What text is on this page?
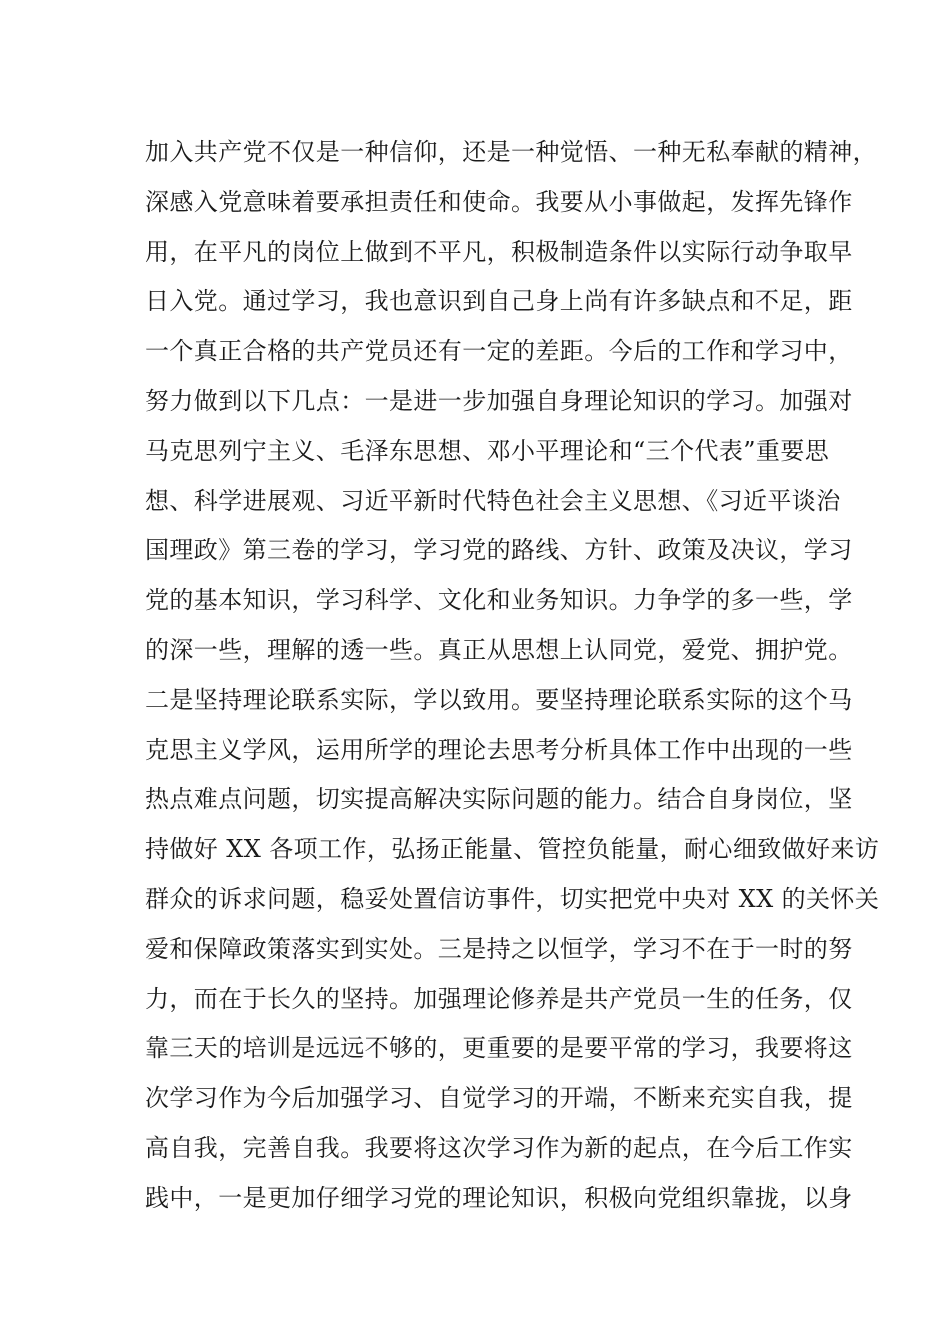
加入共产党不仅是一种信仰，还是一种觉悟、一种无私奉献的精神，
深感入党意味着要承担责任和使命。我要从小事做起，发挥先锋作
用，在平凡的岗位上做到不平凡，积极制造条件以实际行动争取早
日入党。通过学习，我也意识到自己身上尚有许多缺点和不足，距
一个真正合格的共产党员还有一定的差距。今后的工作和学习中，
努力做到以下几点：一是进一步加强自身理论知识的学习。加强对
马克思列宁主义、毛泽东思想、邓小平理论和“三个代表”重要思
想、科学进展观、习近平新时代特色社会主义思想、《习近平谈治
国理政》第三卷的学习，学习党的路线、方针、政策及决议，学习
党的基本知识，学习科学、文化和业务知识。力争学的多一些，学
的深一些，理解的透一些。真正从思想上认同党，爱党、拥护党。
二是坚持理论联系实际，学以致用。要坚持理论联系实际的这个马
克思主义学风，运用所学的理论去思考分析具体工作中出现的一些
热点难点问题，切实提高解决实际问题的能力。结合自身岗位，坚
持做好 XX 各项工作，弘扬正能量、管控负能量，耐心细致做好来访
群众的诉求问题，稳妥处置信访事件，切实把党中央对 XX 的关怀关
爱和保障政策落实到实处。三是持之以恒学，学习不在于一时的努
力，而在于长久的坚持。加强理论修养是共产党员一生的任务，仅
靠三天的培训是远远不够的，更重要的是要平常的学习，我要将这
次学习作为今后加强学习、自觉学习的开端，不断来充实自我，提
高自我，完善自我。我要将这次学习作为新的起点，在今后工作实
践中，一是更加仔细学习党的理论知识，积极向党组织靠拢，以身
